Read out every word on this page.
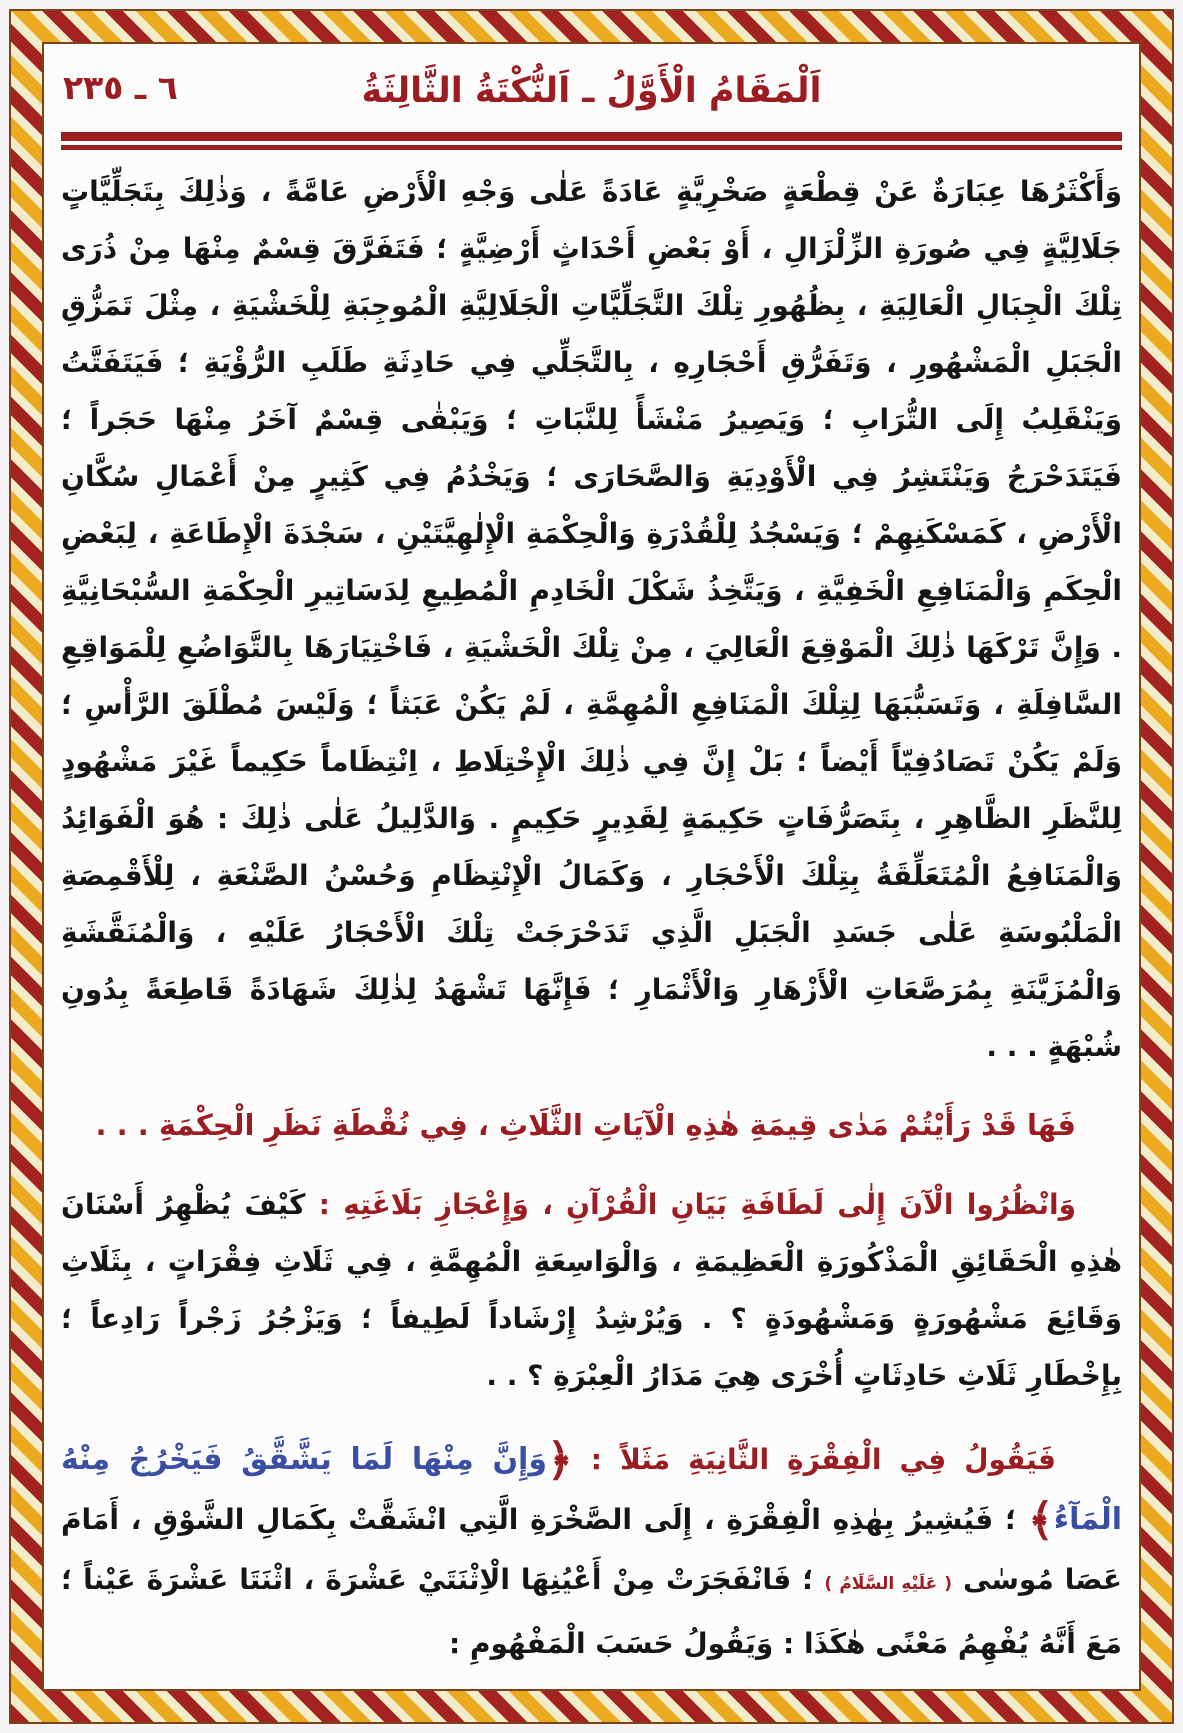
٦ ـ ٢٣٥	اَلْمَقَامُ الْأَوَّلُ ـ اَلنُّكْتَةُ الثَّالِثَةُ

وَأَكْثَرُهَا عِبَارَةٌ عَنْ قِطْعَةٍ صَخْرِيَّةٍ عَادَةً عَلٰى وَجْهِ الْأَرْضِ عَامَّةً ، وَذٰلِكَ بِتَجَلِّيَّاتٍ جَلَالِيَّةٍ فِي صُورَةِ الزِّلْزَالِ ، أَوْ بَعْضِ أَحْدَاثٍ أَرْضِيَّةٍ ؛ فَتَفَرَّقَ قِسْمٌ مِنْهَا مِنْ ذُرَى تِلْكَ الْجِبَالِ الْعَالِيَةِ ، بِظُهُورِ تِلْكَ التَّجَلِّيَّاتِ الْجَلَالِيَّةِ الْمُوجِبَةِ لِلْخَشْيَةِ ، مِثْلَ تَمَزُّقِ الْجَبَلِ الْمَشْهُورِ ، وَتَفَرُّقِ أَحْجَارِهِ ، بِالتَّجَلِّي فِي حَادِثَةِ طَلَبِ الرُّؤْيَةِ ؛ فَيَتَفَتَّتُ وَيَنْقَلِبُ إِلَى التُّرَابِ ؛ وَيَصِيرُ مَنْشَأً لِلنَّبَاتِ ؛ وَيَبْقٰى قِسْمٌ آخَرُ مِنْهَا حَجَراً ؛ فَيَتَدَحْرَجُ وَيَنْتَشِرُ فِي الْأَوْدِيَةِ وَالصَّحَارَى ؛ وَيَخْدُمُ فِي كَثِيرٍ مِنْ أَعْمَالِ سُكَّانِ الْأَرْضِ ، كَمَسْكَنِهِمْ ؛ وَيَسْجُدُ لِلْقُدْرَةِ وَالْحِكْمَةِ الْإِلٰهِيَّتَيْنِ ، سَجْدَةَ الْإِطَاعَةِ ، لِبَعْضِ الْحِكَمِ وَالْمَنَافِعِ الْخَفِيَّةِ ، وَيَتَّخِذُ شَكْلَ الْخَادِمِ الْمُطِيعِ لِدَسَاتِيرِ الْحِكْمَةِ السُّبْحَانِيَّةِ . وَإِنَّ تَرْكَهَا ذٰلِكَ الْمَوْقِعَ الْعَالِيَ ، مِنْ تِلْكَ الْخَشْيَةِ ، فَاخْتِيَارَهَا بِالتَّوَاضُعِ لِلْمَوَاقِعِ السَّافِلَةِ ، وَتَسَبُّبَهَا لِتِلْكَ الْمَنَافِعِ الْمُهِمَّةِ ، لَمْ يَكُنْ عَبَثاً ؛ وَلَيْسَ مُطْلَقَ الرَّأْسِ ؛ وَلَمْ يَكُنْ تَصَادُفِيّاً أَيْضاً ؛ بَلْ إِنَّ فِي ذٰلِكَ الْإِخْتِلَاطِ ، اِنْتِظَاماً حَكِيماً غَيْرَ مَشْهُودٍ لِلنَّظَرِ الظَّاهِرِ ، بِتَصَرُّفَاتٍ حَكِيمَةٍ لِقَدِيرٍ حَكِيمٍ . وَالدَّلِيلُ عَلٰى ذٰلِكَ : هُوَ الْفَوَائِدُ وَالْمَنَافِعُ الْمُتَعَلِّقَةُ بِتِلْكَ الْأَحْجَارِ ، وَكَمَالُ الْإِنْتِظَامِ وَحُسْنُ الصَّنْعَةِ ، لِلْأَقْمِصَةِ الْمَلْبُوسَةِ عَلٰى جَسَدِ الْجَبَلِ الَّذِي تَدَحْرَجَتْ تِلْكَ الْأَحْجَارُ عَلَيْهِ ، وَالْمُنَقَّشَةِ وَالْمُزَيَّنَةِ بِمُرَصَّعَاتِ الْأَزْهَارِ وَالْأَثْمَارِ ؛ فَإِنَّهَا تَشْهَدُ لِذٰلِكَ شَهَادَةً قَاطِعَةً بِدُونِ شُبْهَةٍ . . .

فَهَا قَدْ رَأَيْتُمْ مَدٰى قِيمَةِ هٰذِهِ الْآيَاتِ الثَّلَاثِ ، فِي نُقْطَةِ نَظَرِ الْحِكْمَةِ . . .

وَانْظُرُوا الْآنَ إِلٰى لَطَافَةِ بَيَانِ الْقُرْآنِ ، وَإِعْجَازِ بَلَاغَتِهِ : كَيْفَ يُظْهِرُ أَسْنَانَ هٰذِهِ الْحَقَائِقِ الْمَذْكُورَةِ الْعَظِيمَةِ ، وَالْوَاسِعَةِ الْمُهِمَّةِ ، فِي ثَلَاثِ فِقْرَاتٍ ، بِثَلَاثِ وَقَائِعَ مَشْهُورَةٍ وَمَشْهُودَةٍ ؟ . وَيُرْشِدُ إِرْشَاداً لَطِيفاً ؛ وَيَزْجُرُ زَجْراً رَادِعاً ؛ بِإِخْطَارِ ثَلَاثِ حَادِثَاتٍ أُخْرَى هِيَ مَدَارُ الْعِبْرَةِ ؟ . .

فَيَقُولُ فِي الْفِقْرَةِ الثَّانِيَةِ مَثَلاً : ﴿وَإِنَّ مِنْهَا لَمَا يَشَّقَّقُ فَيَخْرُجُ مِنْهُ الْمَآءُ﴾ ؛ فَيُشِيرُ بِهٰذِهِ الْفِقْرَةِ ، إِلَى الصَّخْرَةِ الَّتِي انْشَقَّتْ بِكَمَالِ الشَّوْقِ ، أَمَامَ عَصَا مُوسٰى ( عَلَيْهِ السَّلَامُ ) ؛ فَانْفَجَرَتْ مِنْ أَعْيُنِهَا الْاِثْنَتَيْ عَشْرَةَ ، اثْنَتَا عَشْرَةَ عَيْناً ؛ مَعَ أَنَّهُ يُفْهِمُ مَعْنًى هٰكَذَا : وَيَقُولُ حَسَبَ الْمَفْهُومِ :
